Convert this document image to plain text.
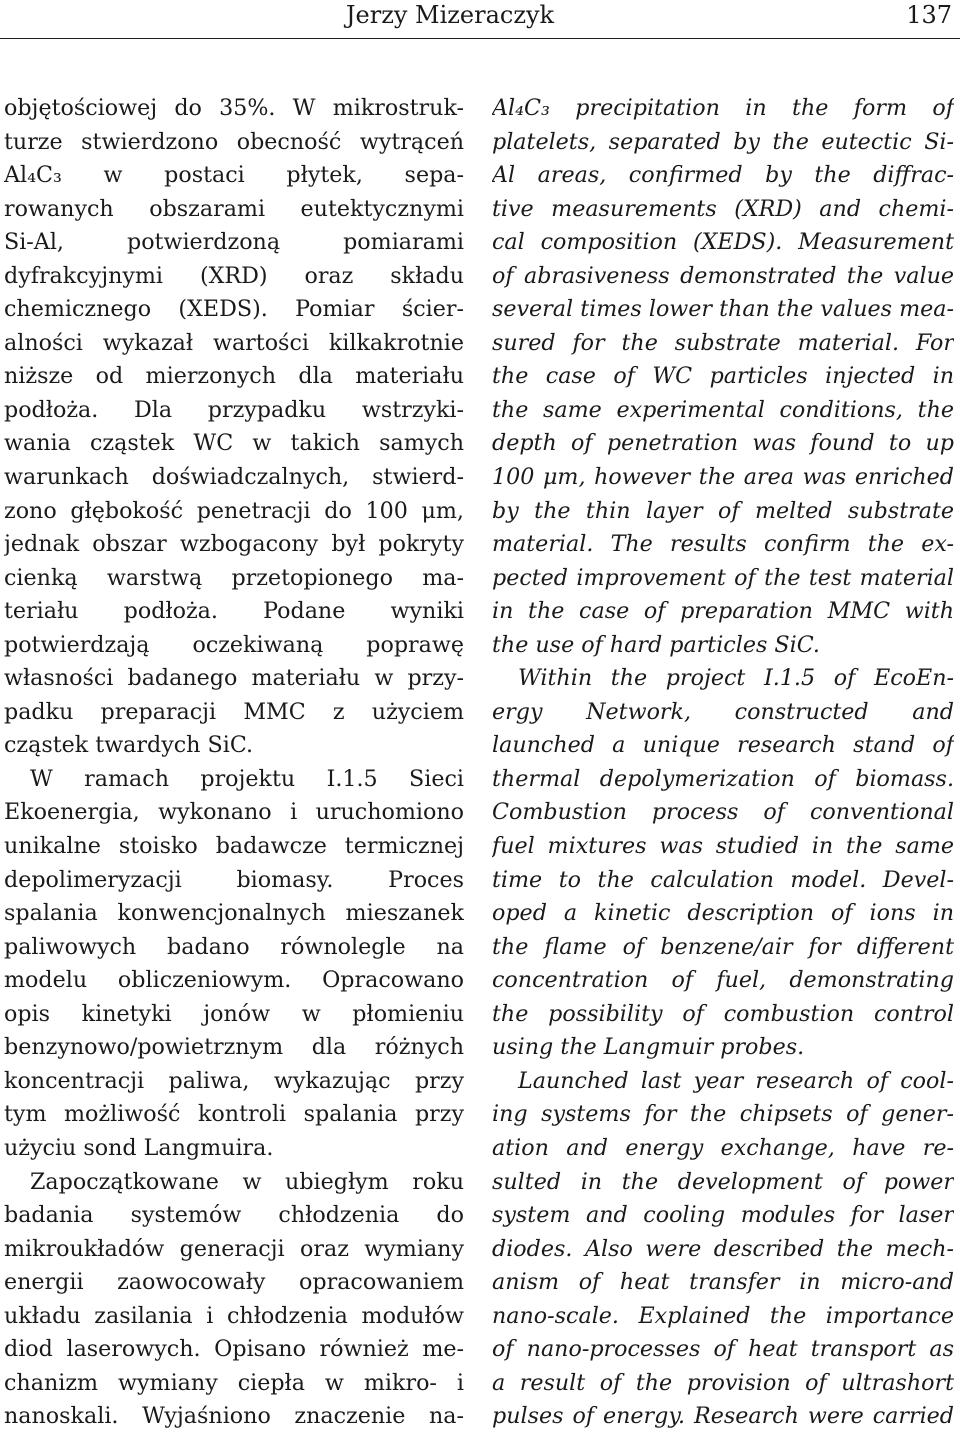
Jerzy Mizeraczyk	137
objętościowej do 35%. W mikrostruk-
turze stwierdzono obecność wytrąceń
Al₄C₃ w postaci płytek, sepa-
rowanych obszarami eutektycznymi
Si-Al, potwierdzoną pomiarami
dyfrakcyjnymi (XRD) oraz składu
chemicznego (XEDS). Pomiar ścier-
alności wykazał wartości kilkakrotnie
niższe od mierzonych dla materiału
podłoża. Dla przypadku wstrzyki-
wania cząstek WC w takich samych
warunkach doświadczalnych, stwierd-
zono głębokość penetracji do 100 μm,
jednak obszar wzbogacony był pokryty
cienką warstwą przetopionego ma-
teriału podłoża. Podane wyniki
potwierdzają oczekiwaną poprawę
własności badanego materiału w przy-
padku preparacji MMC z użyciem
cząstek twardych SiC.
W ramach projektu I.1.5 Sieci
Ekoenergia, wykonano i uruchomiono
unikalne stoisko badawcze termicznej
depolimeryzacji biomasy. Proces
spalania konwencjonalnych mieszanek
paliwowych badano równolegle na
modelu obliczeniowym. Opracowano
opis kinetyki jonów w płomieniu
benzynowo/powietrznym dla różnych
koncentracji paliwa, wykazując przy
tym możliwość kontroli spalania przy
użyciu sond Langmuira.
Zapoczątkowane w ubiegłym roku
badania systemów chłodzenia do
mikroukładów generacji oraz wymiany
energii zaowocowały opracowaniem
układu zasilania i chłodzenia modułów
diod laserowych. Opisano również me-
chanizm wymiany ciepła w mikro- i
nanoskali. Wyjaśniono znaczenie na-
Al₄C₃ precipitation in the form of
platelets, separated by the eutectic Si-
Al areas, confirmed by the diffrac-
tive measurements (XRD) and chemi-
cal composition (XEDS). Measurement
of abrasiveness demonstrated the value
several times lower than the values mea-
sured for the substrate material. For
the case of WC particles injected in
the same experimental conditions, the
depth of penetration was found to up
100 μm, however the area was enriched
by the thin layer of melted substrate
material. The results confirm the ex-
pected improvement of the test material
in the case of preparation MMC with
the use of hard particles SiC.
Within the project I.1.5 of EcoEn-
ergy Network, constructed and
launched a unique research stand of
thermal depolymerization of biomass.
Combustion process of conventional
fuel mixtures was studied in the same
time to the calculation model. Devel-
oped a kinetic description of ions in
the flame of benzene/air for different
concentration of fuel, demonstrating
the possibility of combustion control
using the Langmuir probes.
Launched last year research of cool-
ing systems for the chipsets of gener-
ation and energy exchange, have re-
sulted in the development of power
system and cooling modules for laser
diodes. Also were described the mech-
anism of heat transfer in micro-and
nano-scale. Explained the importance
of nano-processes of heat transport as
a result of the provision of ultrashort
pulses of energy. Research were carried
